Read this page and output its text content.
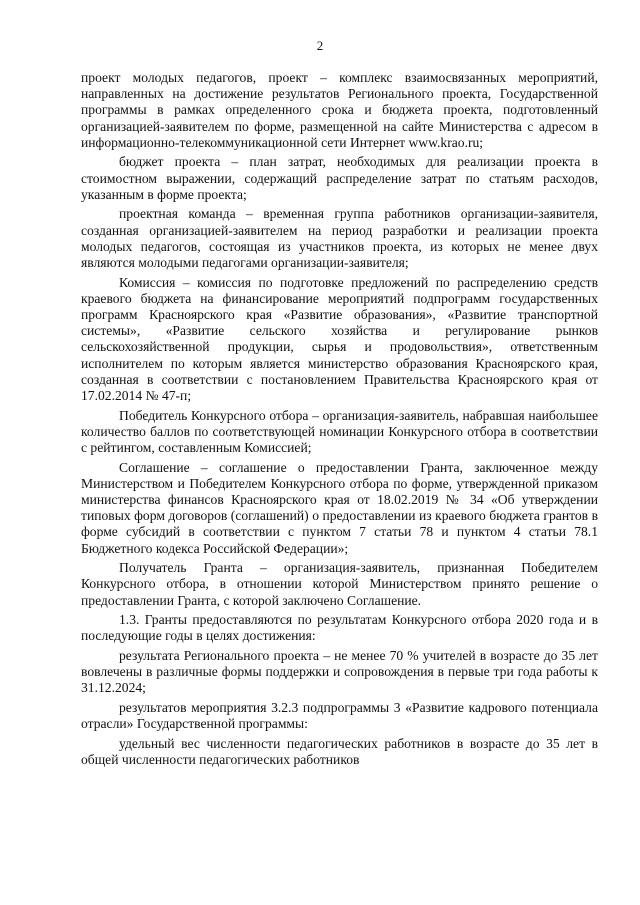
2

проект молодых педагогов, проект – комплекс взаимосвязанных мероприятий, направленных на достижение результатов Регионального проекта, Государственной программы в рамках определенного срока и бюджета проекта, подготовленный организацией-заявителем по форме, размещенной на сайте Министерства с адресом в информационно-телекоммуникационной сети Интернет www.krao.ru;

бюджет проекта – план затрат, необходимых для реализации проекта в стоимостном выражении, содержащий распределение затрат по статьям расходов, указанным в форме проекта;

проектная команда – временная группа работников организации-заявителя, созданная организацией-заявителем на период разработки и реализации проекта молодых педагогов, состоящая из участников проекта, из которых не менее двух являются молодыми педагогами организации-заявителя;

Комиссия – комиссия по подготовке предложений по распределению средств краевого бюджета на финансирование мероприятий подпрограмм государственных программ Красноярского края «Развитие образования», «Развитие транспортной системы», «Развитие сельского хозяйства и регулирование рынков сельскохозяйственной продукции, сырья и продовольствия», ответственным исполнителем по которым является министерство образования Красноярского края, созданная в соответствии с постановлением Правительства Красноярского края от 17.02.2014 № 47-п;

Победитель Конкурсного отбора – организация-заявитель, набравшая наибольшее количество баллов по соответствующей номинации Конкурсного отбора в соответствии с рейтингом, составленным Комиссией;

Соглашение – соглашение о предоставлении Гранта, заключенное между Министерством и Победителем Конкурсного отбора по форме, утвержденной приказом министерства финансов Красноярского края от 18.02.2019 № 34 «Об утверждении типовых форм договоров (соглашений) о предоставлении из краевого бюджета грантов в форме субсидий в соответствии с пунктом 7 статьи 78 и пунктом 4 статьи 78.1 Бюджетного кодекса Российской Федерации»;

Получатель Гранта – организация-заявитель, признанная Победителем Конкурсного отбора, в отношении которой Министерством принято решение о предоставлении Гранта, с которой заключено Соглашение.

1.3. Гранты предоставляются по результатам Конкурсного отбора 2020 года и в последующие годы в целях достижения:

результата Регионального проекта – не менее 70 % учителей в возрасте до 35 лет вовлечены в различные формы поддержки и сопровождения в первые три года работы к 31.12.2024;

результатов мероприятия 3.2.3 подпрограммы 3 «Развитие кадрового потенциала отрасли» Государственной программы:

удельный вес численности педагогических работников в возрасте до 35 лет в общей численности педагогических работников
